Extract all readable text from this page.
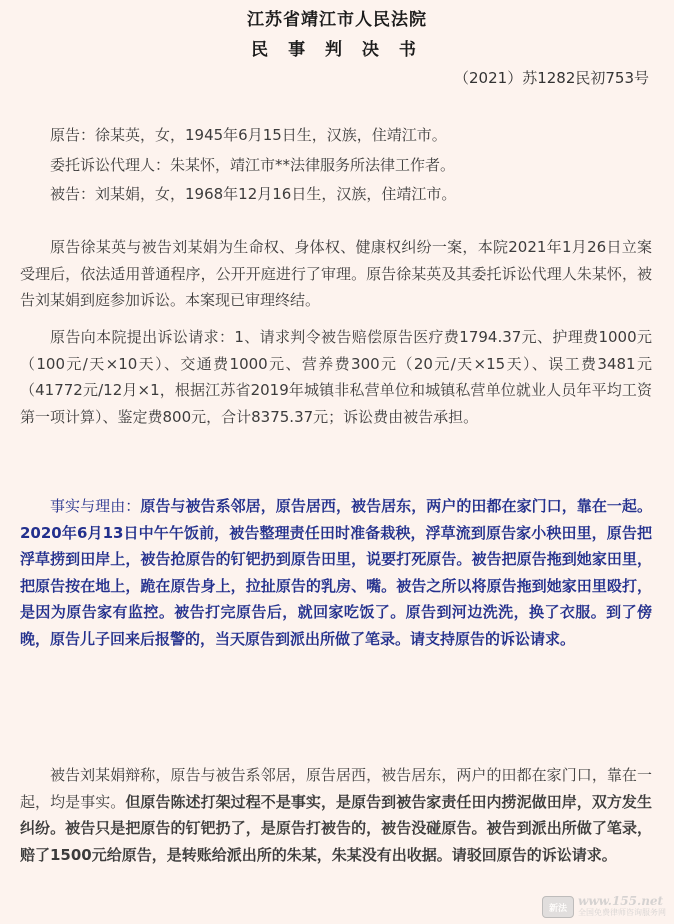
江苏省靖江市人民法院
民 事 判 决 书
（2021）苏1282民初753号
原告：徐某英，女，1945年6月15日生，汉族，住靖江市。
委托诉讼代理人：朱某怀，靖江市**法律服务所法律工作者。
被告：刘某娟，女，1968年12月16日生，汉族，住靖江市。
原告徐某英与被告刘某娟为生命权、身体权、健康权纠纷一案，本院2021年1月26日立案受理后，依法适用普通程序，公开开庭进行了审理。原告徐某英及其委托诉讼代理人朱某怀，被告刘某娟到庭参加诉讼。本案现已审理终结。
原告向本院提出诉讼请求：1、请求判令被告赔偿原告医疗费1794.37元、护理费1000元（100元/天×10天）、交通费1000元、营养费300元（20元/天×15天）、误工费3481元（41772元/12月×1，根据江苏省2019年城镇非私营单位和城镇私营单位就业人员年平均工资第一项计算）、鉴定费800元，合计8375.37元；诉讼费由被告承担。
事实与理由：原告与被告系邻居，原告居西，被告居东，两户的田都在家门口，靠在一起。2020年6月13日中午午饭前，被告整理责任田时准备栽秧，浮草流到原告家小秧田里，原告把浮草捞到田岸上，被告抢原告的钉钯扔到原告田里，说要打死原告。被告把原告拖到她家田里，把原告按在地上，跪在原告身上，拉扯原告的乳房、嘴。被告之所以将原告拖到她家田里殴打，是因为原告家有监控。被告打完原告后，就回家吃饭了。原告到河边洗洗，换了衣服。到了傍晚，原告儿子回来后报警的，当天原告到派出所做了笔录。请支持原告的诉讼请求。
被告刘某娟辩称，原告与被告系邻居，原告居西，被告居东，两户的田都在家门口，靠在一起，均是事实。但原告陈述打架过程不是事实，是原告到被告家责任田内捞泥做田岸，双方发生纠纷。被告只是把原告的钉钯扔了，是原告打被告的，被告没碰原告。被告到派出所做了笔录，赔了1500元给原告，是转账给派出所的朱某，朱某没有出收据。请驳回原告的诉讼请求。
新法
www.155.net
全国免费律师咨询服务网
